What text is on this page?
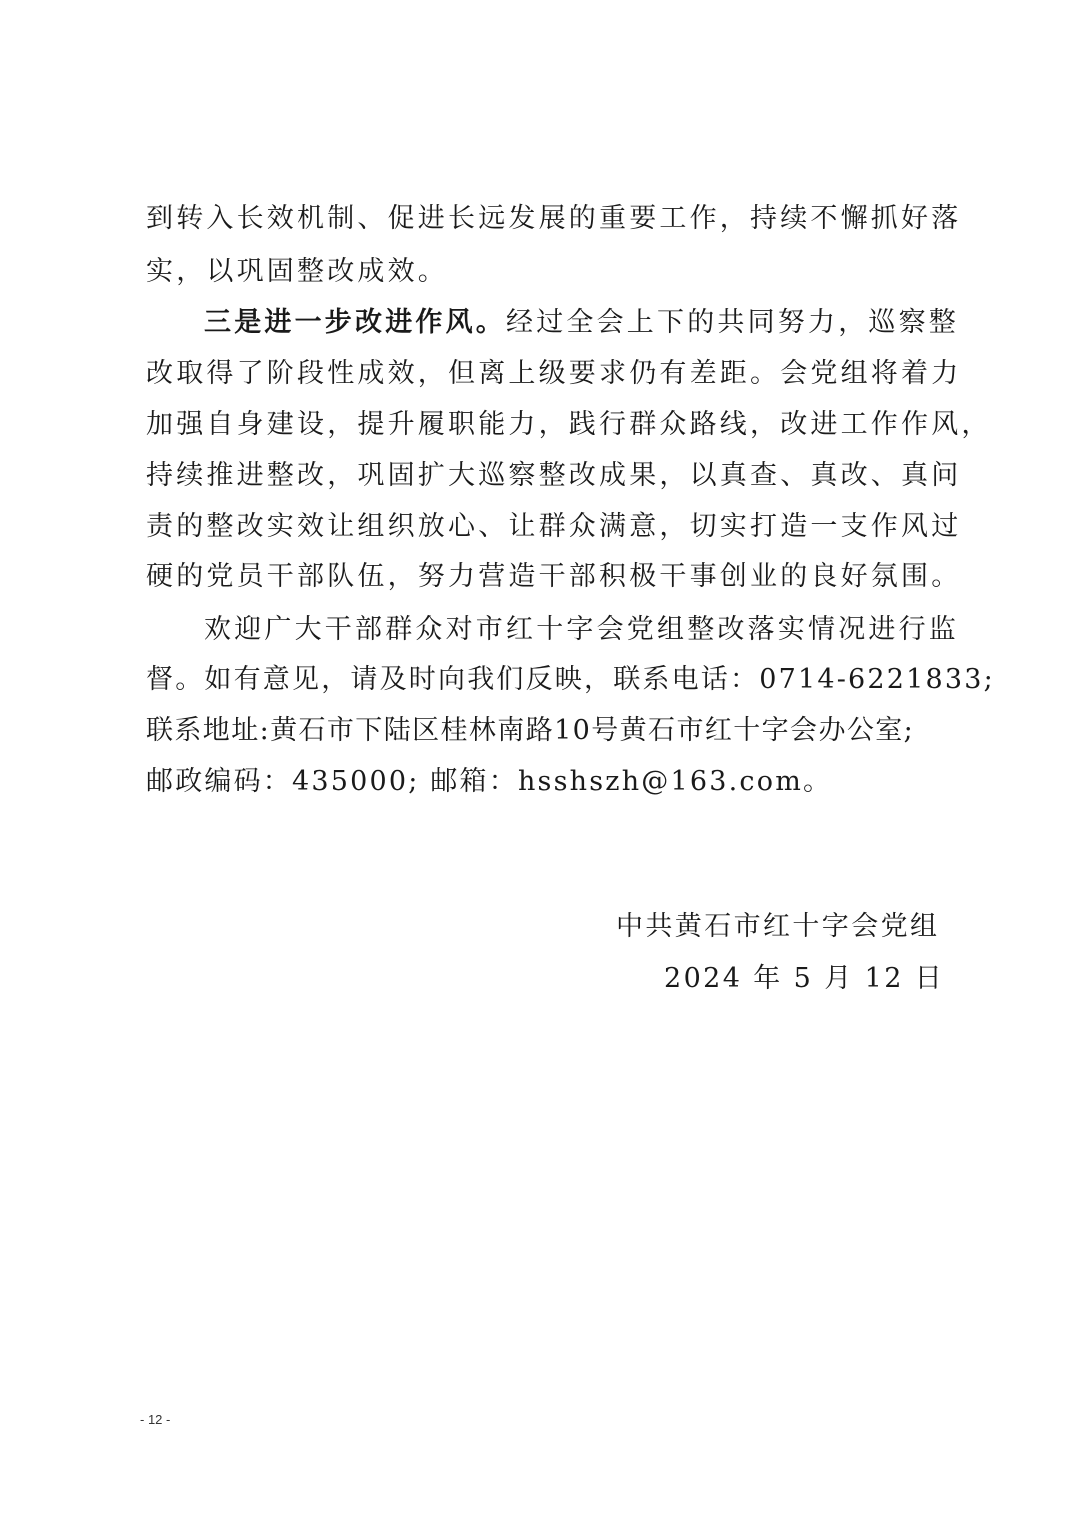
到转入长效机制、促进长远发展的重要工作，持续不懈抓好落
实，以巩固整改成效。
三是进一步改进作风。经过全会上下的共同努力，巡察整
改取得了阶段性成效，但离上级要求仍有差距。会党组将着力
加强自身建设，提升履职能力，践行群众路线，改进工作作风，
持续推进整改，巩固扩大巡察整改成果，以真查、真改、真问
责的整改实效让组织放心、让群众满意，切实打造一支作风过
硬的党员干部队伍，努力营造干部积极干事创业的良好氛围。
欢迎广大干部群众对市红十字会党组整改落实情况进行监
督。如有意见，请及时向我们反映，联系电话：0714-6221833;
联系地址:黄石市下陆区桂林南路10号黄石市红十字会办公室;
邮政编码：435000; 邮箱：hsshszh@163.com。
中共黄石市红十字会党组
2024 年 5 月 12 日
- 12 -
